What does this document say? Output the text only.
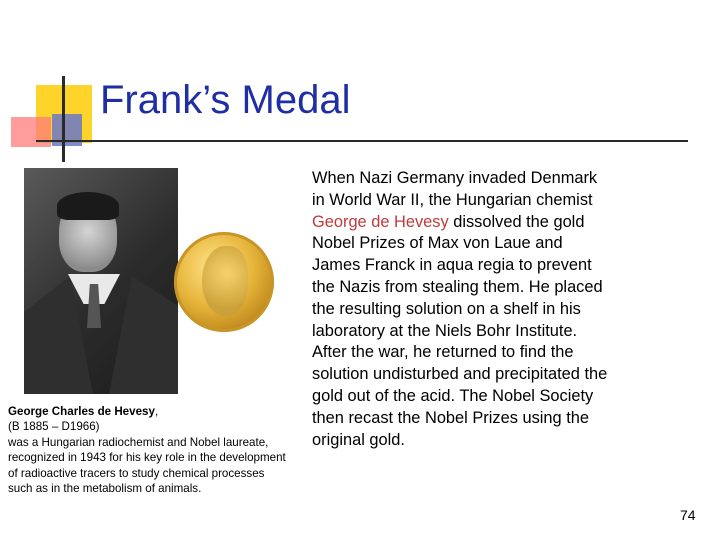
Frank’s Medal

George Charles de Hevesy,

(B 1885 – D1966)

was a Hungarian radiochemist and Nobel laureate, recognized in 1943 for his key role in the development of radioactive tracers to study chemical processes such as in the metabolism of animals.

When Nazi Germany invaded Denmark in World War II, the Hungarian chemist George de Hevesy dissolved the gold Nobel Prizes of Max von Laue and James Franck in aqua regia to prevent the Nazis from stealing them. He placed the resulting solution on a shelf in his laboratory at the Niels Bohr Institute. After the war, he returned to find the solution undisturbed and precipitated the gold out of the acid. The Nobel Society then recast the Nobel Prizes using the original gold.
74
